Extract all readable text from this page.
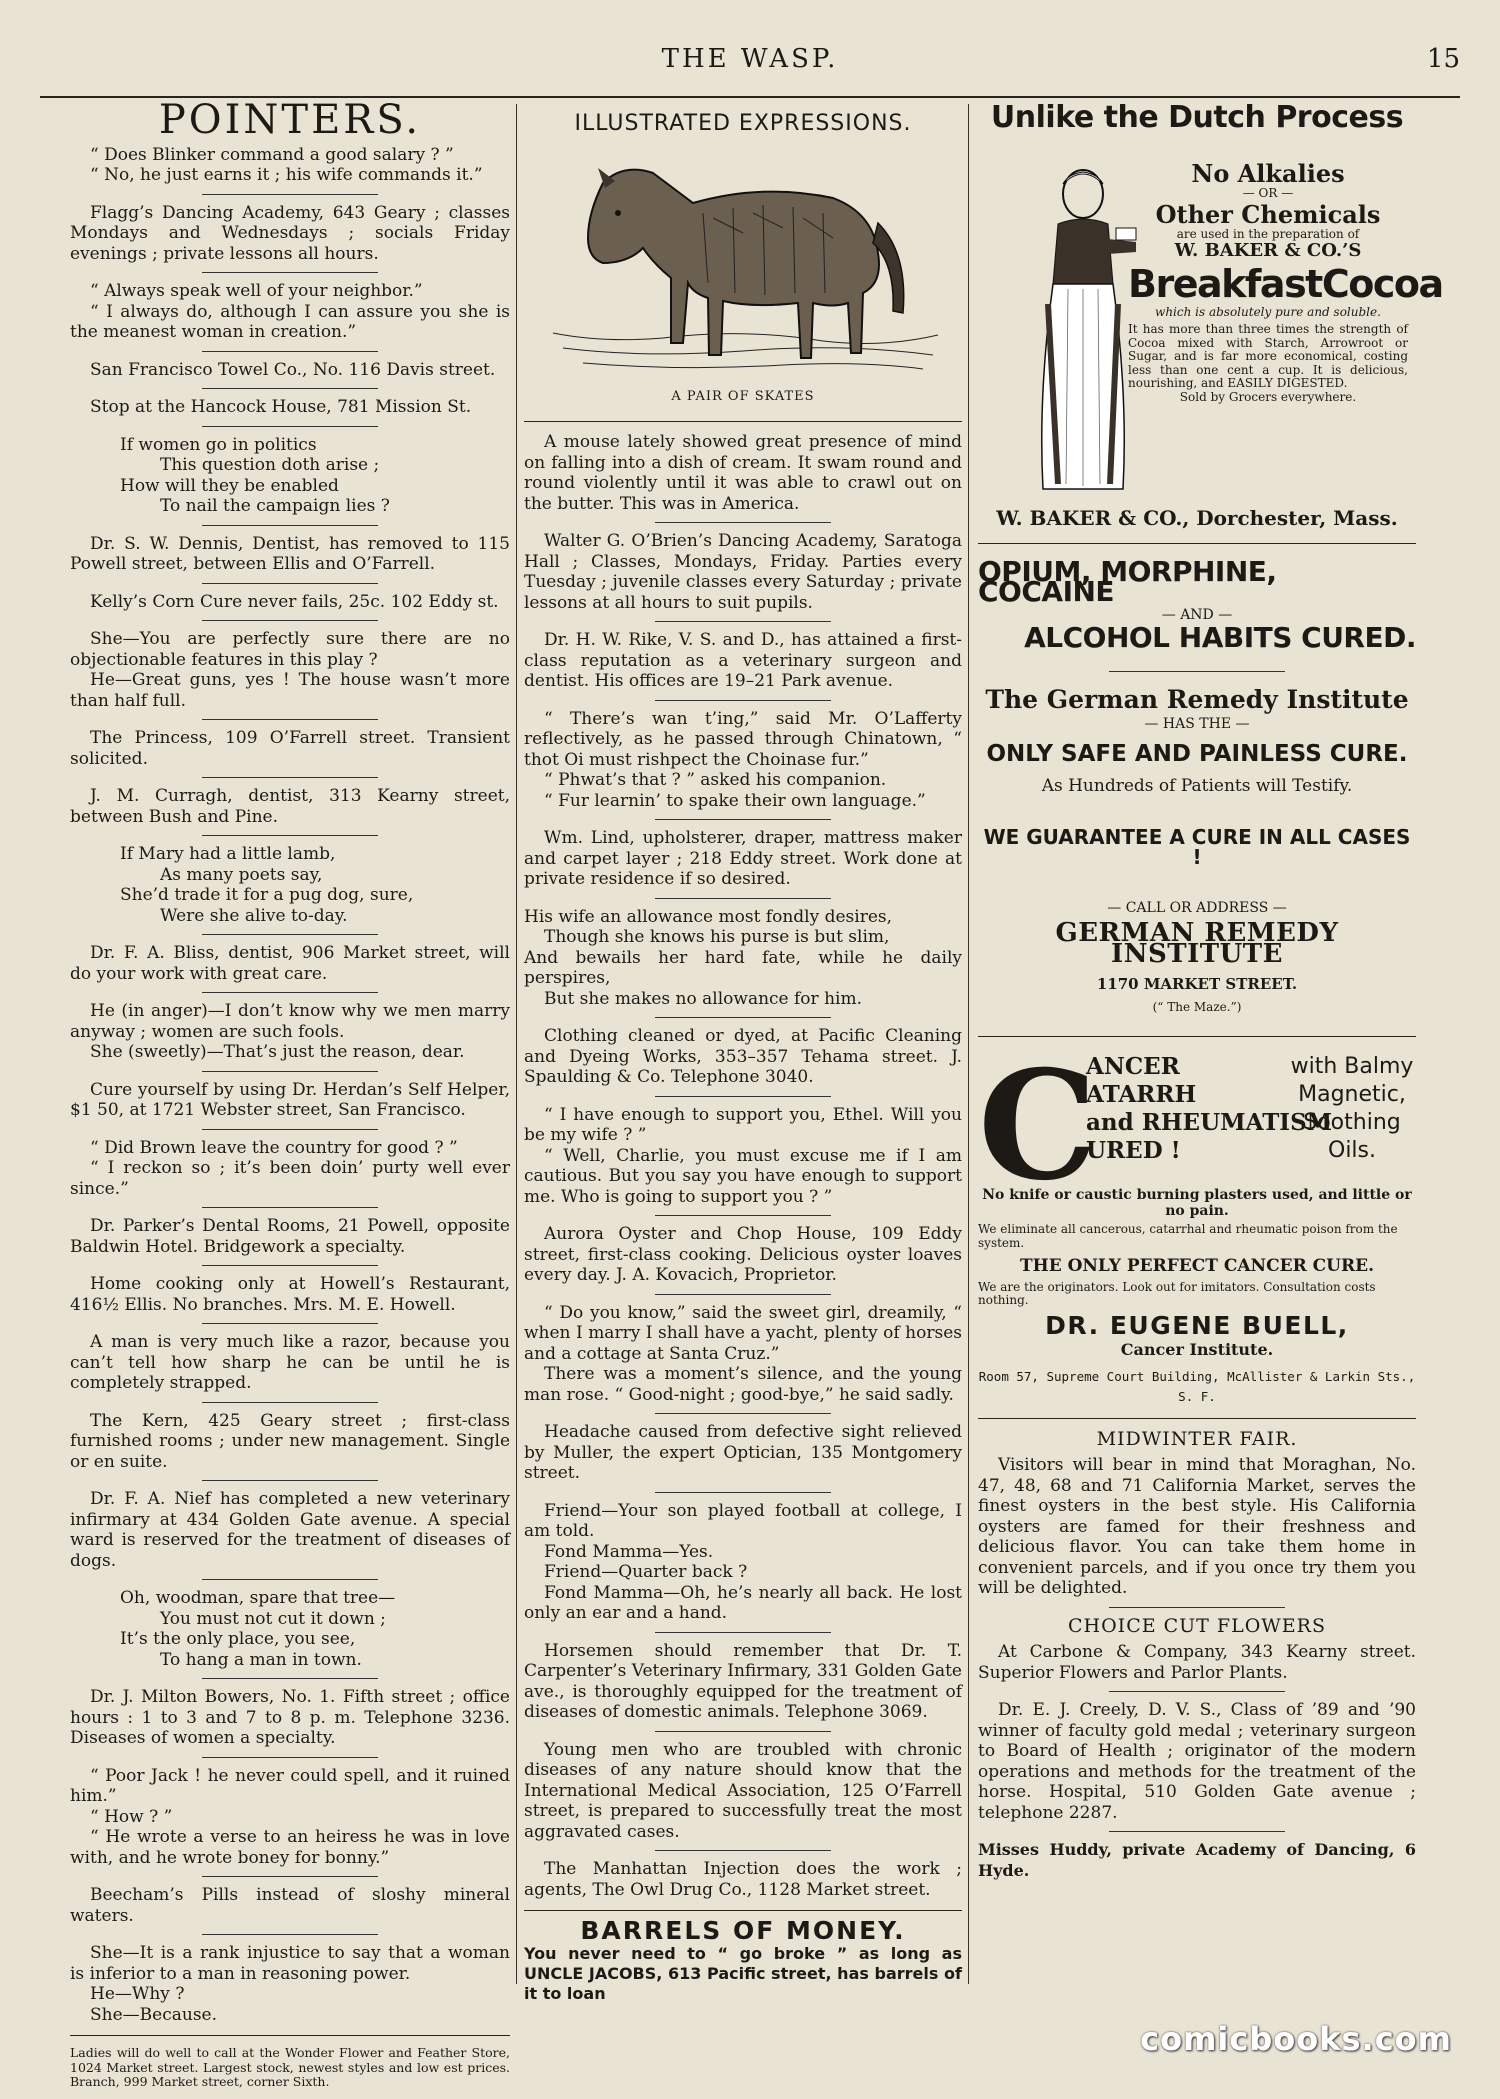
THE WASP.	15
POINTERS.
“ Does Blinker command a good salary ? ”
“ No, he just earns it ; his wife commands it.”
Flagg’s Dancing Academy, 643 Geary ; classes Mondays and Wednesdays ; socials Friday evenings ; private lessons all hours.
“ Always speak well of your neighbor.”
“ I always do, although I can assure you she is the meanest woman in creation.”
San Francisco Towel Co., No. 116 Davis street.
Stop at the Hancock House, 781 Mission St.
If women go in politics
This question doth arise ;
How will they be enabled
To nail the campaign lies ?
Dr. S. W. Dennis, Dentist, has removed to 115 Powell street, between Ellis and O’Farrell.
Kelly’s Corn Cure never fails, 25c. 102 Eddy st.
She—You are perfectly sure there are no objectionable features in this play ?
He—Great guns, yes ! The house wasn’t more than half full.
The Princess, 109 O’Farrell street. Transient solicited.
J. M. Curragh, dentist, 313 Kearny street, between Bush and Pine.
If Mary had a little lamb,
As many poets say,
She’d trade it for a pug dog, sure,
Were she alive to-day.
Dr. F. A. Bliss, dentist, 906 Market street, will do your work with great care.
He (in anger)—I don’t know why we men marry anyway ; women are such fools.
She (sweetly)—That’s just the reason, dear.
Cure yourself by using Dr. Herdan’s Self Helper, $1 50, at 1721 Webster street, San Francisco.
“ Did Brown leave the country for good ? ”
“ I reckon so ; it’s been doin’ purty well ever since.”
Dr. Parker’s Dental Rooms, 21 Powell, opposite Baldwin Hotel. Bridgework a specialty.
Home cooking only at Howell’s Restaurant, 416½ Ellis. No branches. Mrs. M. E. Howell.
A man is very much like a razor, because you can’t tell how sharp he can be until he is completely strapped.
The Kern, 425 Geary street ; first-class furnished rooms ; under new management. Single or en suite.
Dr. F. A. Nief has completed a new veterinary infirmary at 434 Golden Gate avenue. A special ward is reserved for the treatment of diseases of dogs.
Oh, woodman, spare that tree—
You must not cut it down ;
It’s the only place, you see,
To hang a man in town.
Dr. J. Milton Bowers, No. 1. Fifth street ; office hours : 1 to 3 and 7 to 8 p. m. Telephone 3236. Diseases of women a specialty.
“ Poor Jack ! he never could spell, and it ruined him.”
“ How ? ”
“ He wrote a verse to an heiress he was in love with, and he wrote boney for bonny.”
Beecham’s Pills instead of sloshy mineral waters.
She—It is a rank injustice to say that a woman is inferior to a man in reasoning power.
He—Why ?
She—Because.
Ladies will do well to call at the Wonder Flower and Feather Store, 1024 Market street. Largest stock, newest styles and low est prices. Branch, 999 Market street, corner Sixth.
ILLUSTRATED EXPRESSIONS.
A PAIR OF SKATES
A mouse lately showed great presence of mind on falling into a dish of cream. It swam round and round violently until it was able to crawl out on the butter. This was in America.
Walter G. O’Brien’s Dancing Academy, Saratoga Hall ; Classes, Mondays, Friday. Parties every Tuesday ; juvenile classes every Saturday ; private lessons at all hours to suit pupils.
Dr. H. W. Rike, V. S. and D., has attained a first-class reputation as a veterinary surgeon and dentist. His offices are 19–21 Park avenue.
“ There’s wan t’ing,” said Mr. O’Lafferty reflectively, as he passed through Chinatown, “ thot Oi must rishpect the Choinase fur.”
“ Phwat’s that ? ” asked his companion.
“ Fur learnin’ to spake their own language.”
Wm. Lind, upholsterer, draper, mattress maker and carpet layer ; 218 Eddy street. Work done at private residence if so desired.
His wife an allowance most fondly desires,
Though she knows his purse is but slim,
And bewails her hard fate, while he daily perspires,
But she makes no allowance for him.
Clothing cleaned or dyed, at Pacific Cleaning and Dyeing Works, 353–357 Tehama street. J. Spaulding & Co. Telephone 3040.
“ I have enough to support you, Ethel. Will you be my wife ? ”
“ Well, Charlie, you must excuse me if I am cautious. But you say you have enough to support me. Who is going to support you ? ”
Aurora Oyster and Chop House, 109 Eddy street, first-class cooking. Delicious oyster loaves every day. J. A. Kovacich, Proprietor.
“ Do you know,” said the sweet girl, dreamily, “ when I marry I shall have a yacht, plenty of horses and a cottage at Santa Cruz.”
There was a moment’s silence, and the young man rose. “ Good-night ; good-bye,” he said sadly.
Headache caused from defective sight relieved by Muller, the expert Optician, 135 Montgomery street.
Friend—Your son played football at college, I am told.
Fond Mamma—Yes.
Friend—Quarter back ?
Fond Mamma—Oh, he’s nearly all back. He lost only an ear and a hand.
Horsemen should remember that Dr. T. Carpenter’s Veterinary Infirmary, 331 Golden Gate ave., is thoroughly equipped for the treatment of diseases of domestic animals. Telephone 3069.
Young men who are troubled with chronic diseases of any nature should know that the International Medical Association, 125 O’Farrell street, is prepared to successfully treat the most aggravated cases.
The Manhattan Injection does the work ; agents, The Owl Drug Co., 1128 Market street.
BARRELS OF MONEY.
You never need to “ go broke ” as long as UNCLE JACOBS, 613 Pacific street, has barrels of it to loan
Unlike the Dutch Process
No Alkalies
— OR —
Other Chemicals
are used in the preparation of
W. BAKER & CO.’S
BreakfastCocoa
which is absolutely pure and soluble.
It has more than three times the strength of Cocoa mixed with Starch, Arrowroot or Sugar, and is far more economical, costing less than one cent a cup. It is delicious, nourishing, and EASILY DIGESTED.
Sold by Grocers everywhere.
W. BAKER & CO., Dorchester, Mass.
OPIUM, MORPHINE, COCAINE
— AND —
ALCOHOL HABITS CURED.
The German Remedy Institute
— HAS THE —
ONLY SAFE AND PAINLESS CURE.
As Hundreds of Patients will Testify.
WE GUARANTEE A CURE IN ALL CASES !
— CALL OR ADDRESS —
GERMAN REMEDY INSTITUTE
1170 MARKET STREET.
(“ The Maze.”)
C
ANCER
ATARRH
and RHEUMATISM
URED !
with Balmy
Magnetic,
Soothing Oils.
No knife or caustic burning plasters used, and little or no pain.
We eliminate all cancerous, catarrhal and rheumatic poison from the system.
THE ONLY PERFECT CANCER CURE.
We are the originators. Look out for imitators. Consultation costs nothing.
DR. EUGENE BUELL,
Cancer Institute.
Room 57, Supreme Court Building, McAllister & Larkin Sts., S. F.
MIDWINTER FAIR.
Visitors will bear in mind that Moraghan, No. 47, 48, 68 and 71 California Market, serves the finest oysters in the best style. His California oysters are famed for their freshness and delicious flavor. You can take them home in convenient parcels, and if you once try them you will be delighted.
CHOICE CUT FLOWERS
At Carbone & Company, 343 Kearny street. Superior Flowers and Parlor Plants.
Dr. E. J. Creely, D. V. S., Class of ’89 and ’90 winner of faculty gold medal ; veterinary surgeon to Board of Health ; originator of the modern operations and methods for the treatment of the horse. Hospital, 510 Golden Gate avenue ; telephone 2287.
Misses Huddy, private Academy of Dancing, 6 Hyde.
comicbooks.com
